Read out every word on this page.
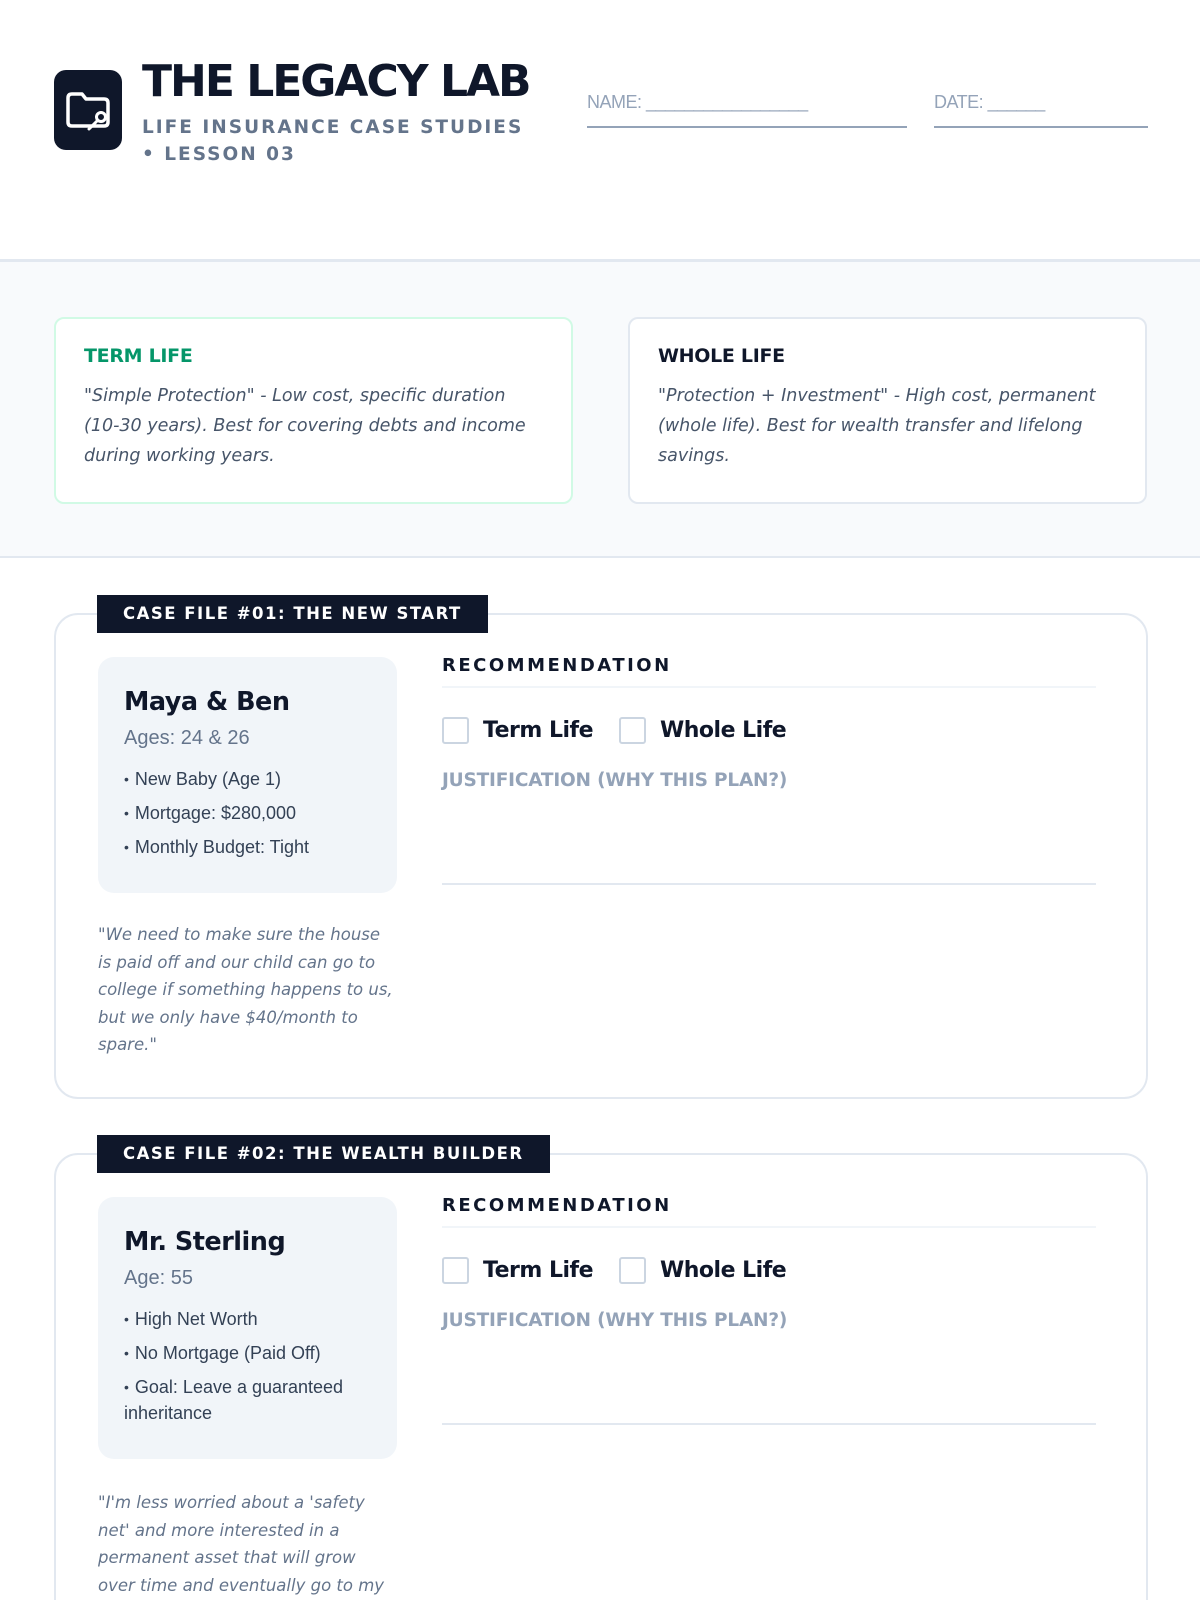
THE LEGACY LAB
LIFE INSURANCE CASE STUDIES • LESSON 03
NAME: _________________	DATE: ______
TERM LIFE
"Simple Protection" - Low cost, specific duration (10-30 years). Best for covering debts and income during working years.
WHOLE LIFE
"Protection + Investment" - High cost, permanent (whole life). Best for wealth transfer and lifelong savings.
CASE FILE #01: THE NEW START
Maya & Ben
Ages: 24 & 26
• New Baby (Age 1)
• Mortgage: $280,000
• Monthly Budget: Tight
"We need to make sure the house is paid off and our child can go to college if something happens to us, but we only have $40/month to spare."
RECOMMENDATION
Term Life	Whole Life
JUSTIFICATION (WHY THIS PLAN?)
CASE FILE #02: THE WEALTH BUILDER
Mr. Sterling
Age: 55
• High Net Worth
• No Mortgage (Paid Off)
• Goal: Leave a guaranteed inheritance
"I'm less worried about a 'safety net' and more interested in a permanent asset that will grow over time and eventually go to my
RECOMMENDATION
Term Life	Whole Life
JUSTIFICATION (WHY THIS PLAN?)
